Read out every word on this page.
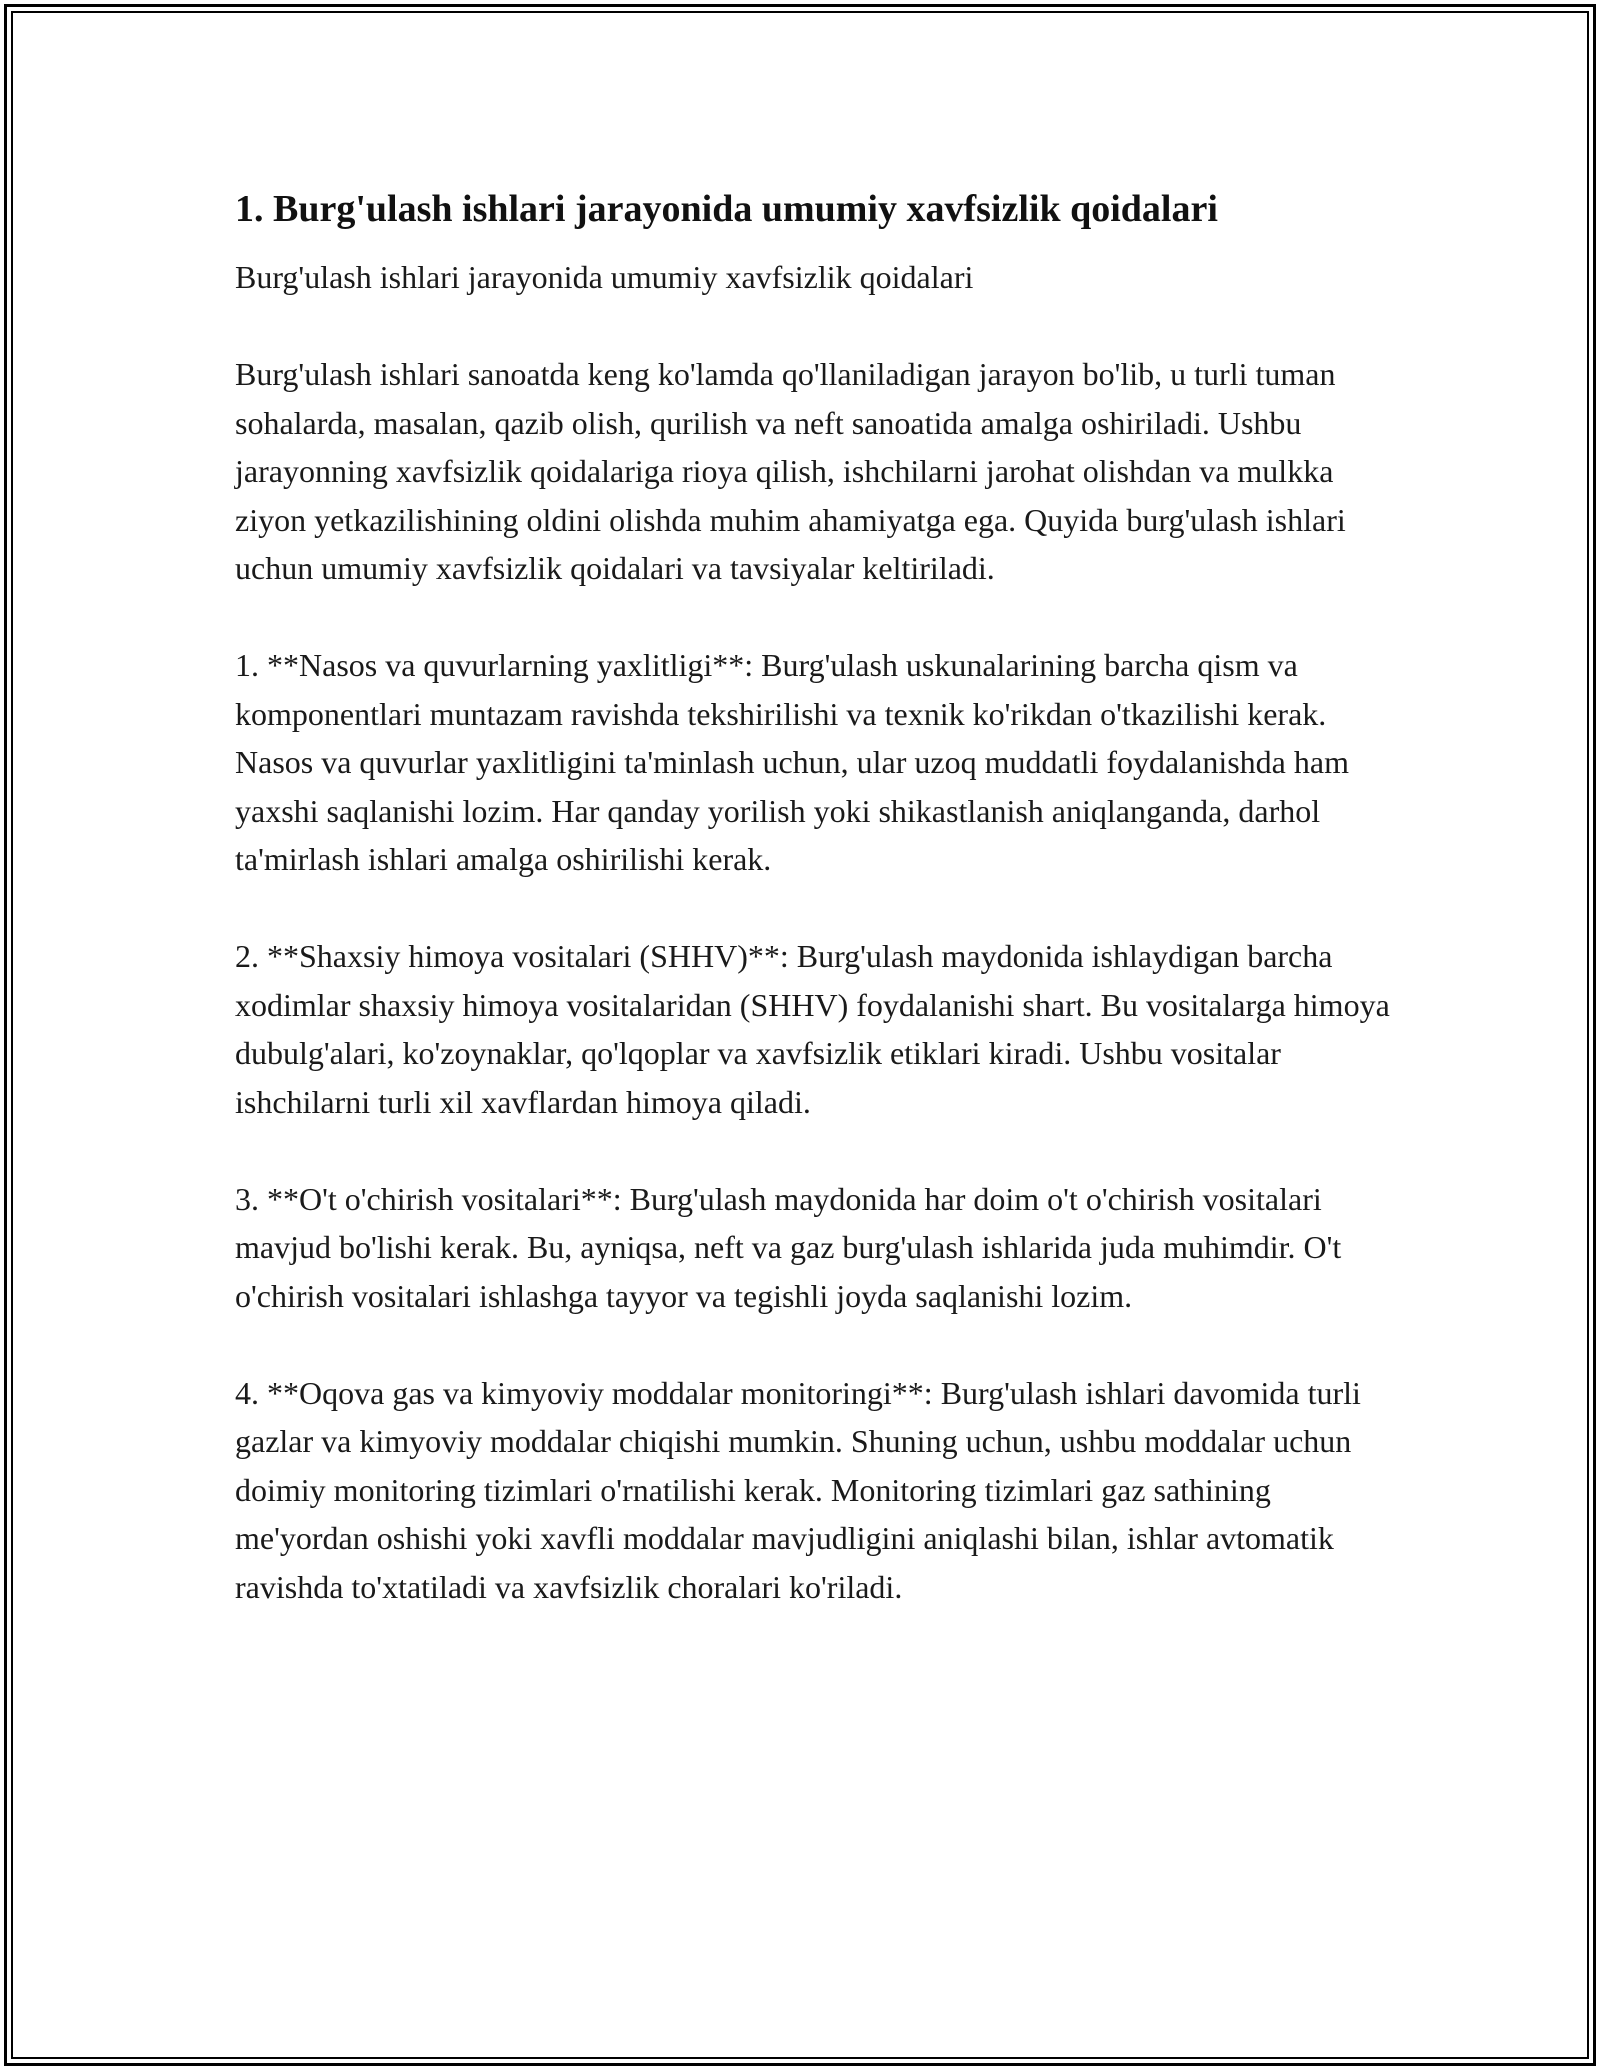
1. Burg'ulash ishlari jarayonida umumiy xavfsizlik qoidalari

Burg'ulash ishlari jarayonida umumiy xavfsizlik qoidalari

Burg'ulash ishlari sanoatda keng ko'lamda qo'llaniladigan jarayon bo'lib, u turli tuman sohalarda, masalan, qazib olish, qurilish va neft sanoatida amalga oshiriladi. Ushbu jarayonning xavfsizlik qoidalariga rioya qilish, ishchilarni jarohat olishdan va mulkka ziyon yetkazilishining oldini olishda muhim ahamiyatga ega. Quyida burg'ulash ishlari uchun umumiy xavfsizlik qoidalari va tavsiyalar keltiriladi.

1. **Nasos va quvurlarning yaxlitligi**: Burg'ulash uskunalarining barcha qism va komponentlari muntazam ravishda tekshirilishi va texnik ko'rikdan o'tkazilishi kerak. Nasos va quvurlar yaxlitligini ta'minlash uchun, ular uzoq muddatli foydalanishda ham yaxshi saqlanishi lozim. Har qanday yorilish yoki shikastlanish aniqlanganda, darhol ta'mirlash ishlari amalga oshirilishi kerak.

2. **Shaxsiy himoya vositalari (SHHV)**: Burg'ulash maydonida ishlaydigan barcha xodimlar shaxsiy himoya vositalaridan (SHHV) foydalanishi shart. Bu vositalarga himoya dubulg'alari, ko'zoynaklar, qo'lqoplar va xavfsizlik etiklari kiradi. Ushbu vositalar ishchilarni turli xil xavflardan himoya qiladi.

3. **O't o'chirish vositalari**: Burg'ulash maydonida har doim o't o'chirish vositalari mavjud bo'lishi kerak. Bu, ayniqsa, neft va gaz burg'ulash ishlarida juda muhimdir. O't o'chirish vositalari ishlashga tayyor va tegishli joyda saqlanishi lozim.

4. **Oqova gas va kimyoviy moddalar monitoringi**: Burg'ulash ishlari davomida turli gazlar va kimyoviy moddalar chiqishi mumkin. Shuning uchun, ushbu moddalar uchun doimiy monitoring tizimlari o'rnatilishi kerak. Monitoring tizimlari gaz sathining me'yordan oshishi yoki xavfli moddalar mavjudligini aniqlashi bilan, ishlar avtomatik ravishda to'xtatiladi va xavfsizlik choralari ko'riladi.
